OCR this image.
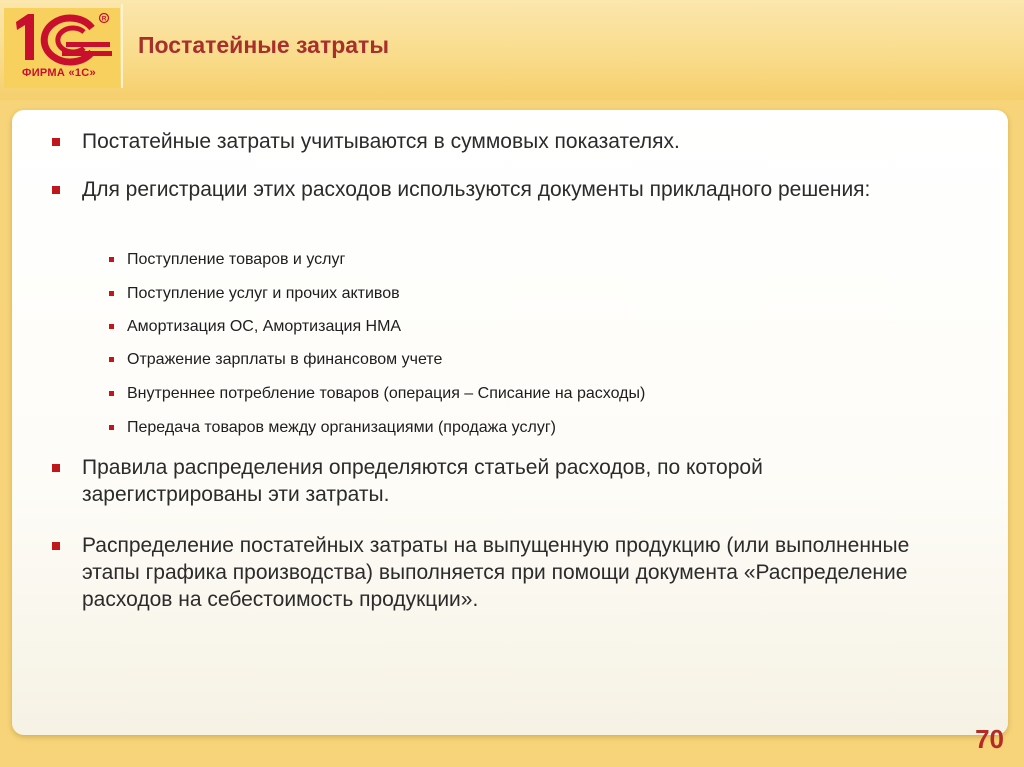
R
ФИРМА «1С»
Постатейные затраты
Постатейные затраты учитываются в суммовых показателях.
Для регистрации этих расходов используются документы прикладного решения:
Поступление товаров и услуг
Поступление услуг и прочих активов
Амортизация ОС, Амортизация НМА
Отражение зарплаты в финансовом учете
Внутреннее потребление товаров (операция – Списание на расходы)
Передача товаров между организациями (продажа услуг)
Правила распределения определяются статьей расходов, по которой зарегистрированы эти затраты.
Распределение постатейных затраты на выпущенную продукцию (или выполненные этапы графика производства) выполняется при помощи документа «Распределение расходов на себестоимость продукции».
70
